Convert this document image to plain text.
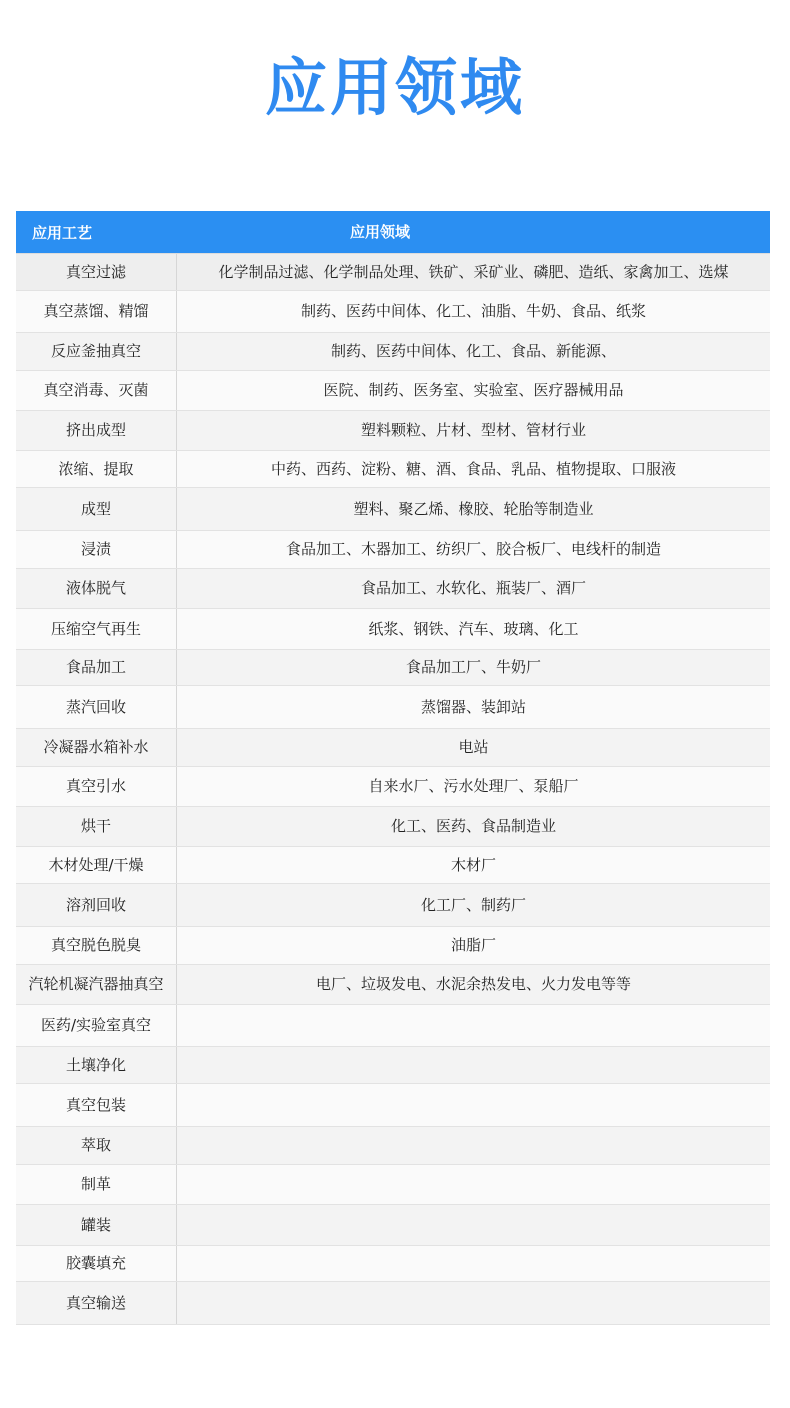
应用领域
应用工艺	应用领域
真空过滤	化学制品过滤、化学制品处理、铁矿、采矿业、磷肥、造纸、家禽加工、选煤
真空蒸馏、精馏	制药、医药中间体、化工、油脂、牛奶、食品、纸浆
反应釜抽真空	制药、医药中间体、化工、食品、新能源、
真空消毒、灭菌	医院、制药、医务室、实验室、医疗器械用品
挤出成型	塑料颗粒、片材、型材、管材行业
浓缩、提取	中药、西药、淀粉、糖、酒、食品、乳品、植物提取、口服液
成型	塑料、聚乙烯、橡胶、轮胎等制造业
浸渍	食品加工、木器加工、纺织厂、胶合板厂、电线杆的制造
液体脱气	食品加工、水软化、瓶装厂、酒厂
压缩空气再生	纸浆、钢铁、汽车、玻璃、化工
食品加工	食品加工厂、牛奶厂
蒸汽回收	蒸馏器、装卸站
冷凝器水箱补水	电站
真空引水	自来水厂、污水处理厂、泵船厂
烘干	化工、医药、食品制造业
木材处理/干燥	木材厂
溶剂回收	化工厂、制药厂
真空脱色脱臭	油脂厂
汽轮机凝汽器抽真空	电厂、垃圾发电、水泥余热发电、火力发电等等
医药/实验室真空
土壤净化
真空包装
萃取
制革
罐装
胶囊填充
真空输送
